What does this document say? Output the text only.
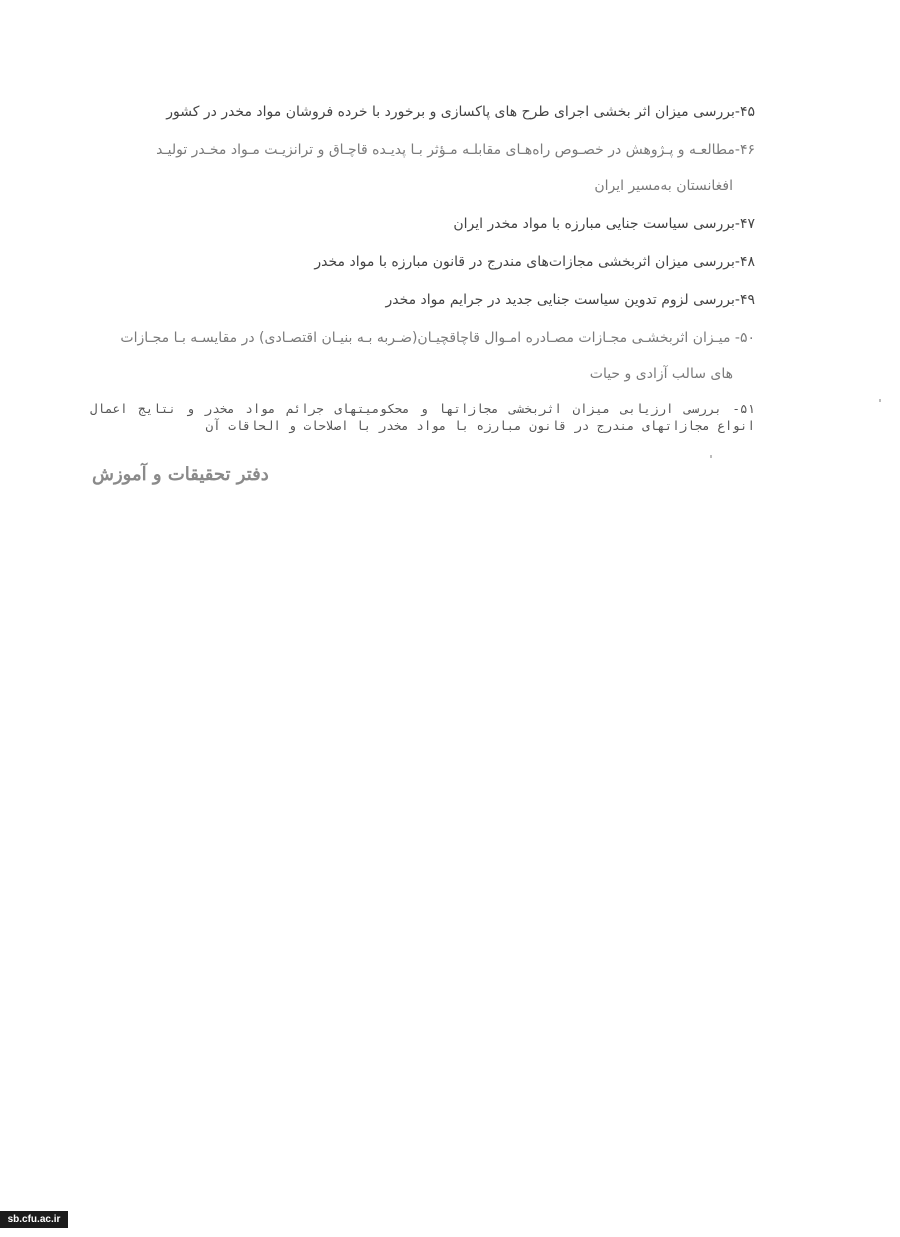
۴۵-بررسی میزان اثر بخشی اجرای طرح های پاکسازی و برخورد با خرده فروشان مواد مخدر در کشور
۴۶-مطالعـه و پـژوهش در خصـوص راه‌هـای مقابلـه مـؤثر بـا پدیـده قاچـاق و ترانزیـت مـواد مخـدر تولیـد
افغانستان به‌مسیر ایران
۴۷-بررسی سیاست جنایی مبارزه با مواد مخدر ایران
۴۸-بررسی میزان اثربخشی مجازات‌های مندرج در قانون مبارزه با مواد مخدر
۴۹-بررسی لزوم تدوین سیاست جنایی جدید در جرایم مواد مخدر
۵۰- میـزان اثربخشـی مجـازات مصـادره امـوال قاچاقچیـان(ضـربه بـه بنیـان اقتصـادی) در مقایسـه بـا مجـازات
های سالب آزادی و حیات
۵۱- بررسی ارزیابی میزان اثربخشی مجازاتها و محکومیتهای جرائم مواد مخدر و نتایج اعمال انواع مجازاتهای مندرج در قانون مبارزه با مواد مخدر با اصلاحات و الحاقات آن
دفتر تحقیقات و آموزش
sb.cfu.ac.ir
